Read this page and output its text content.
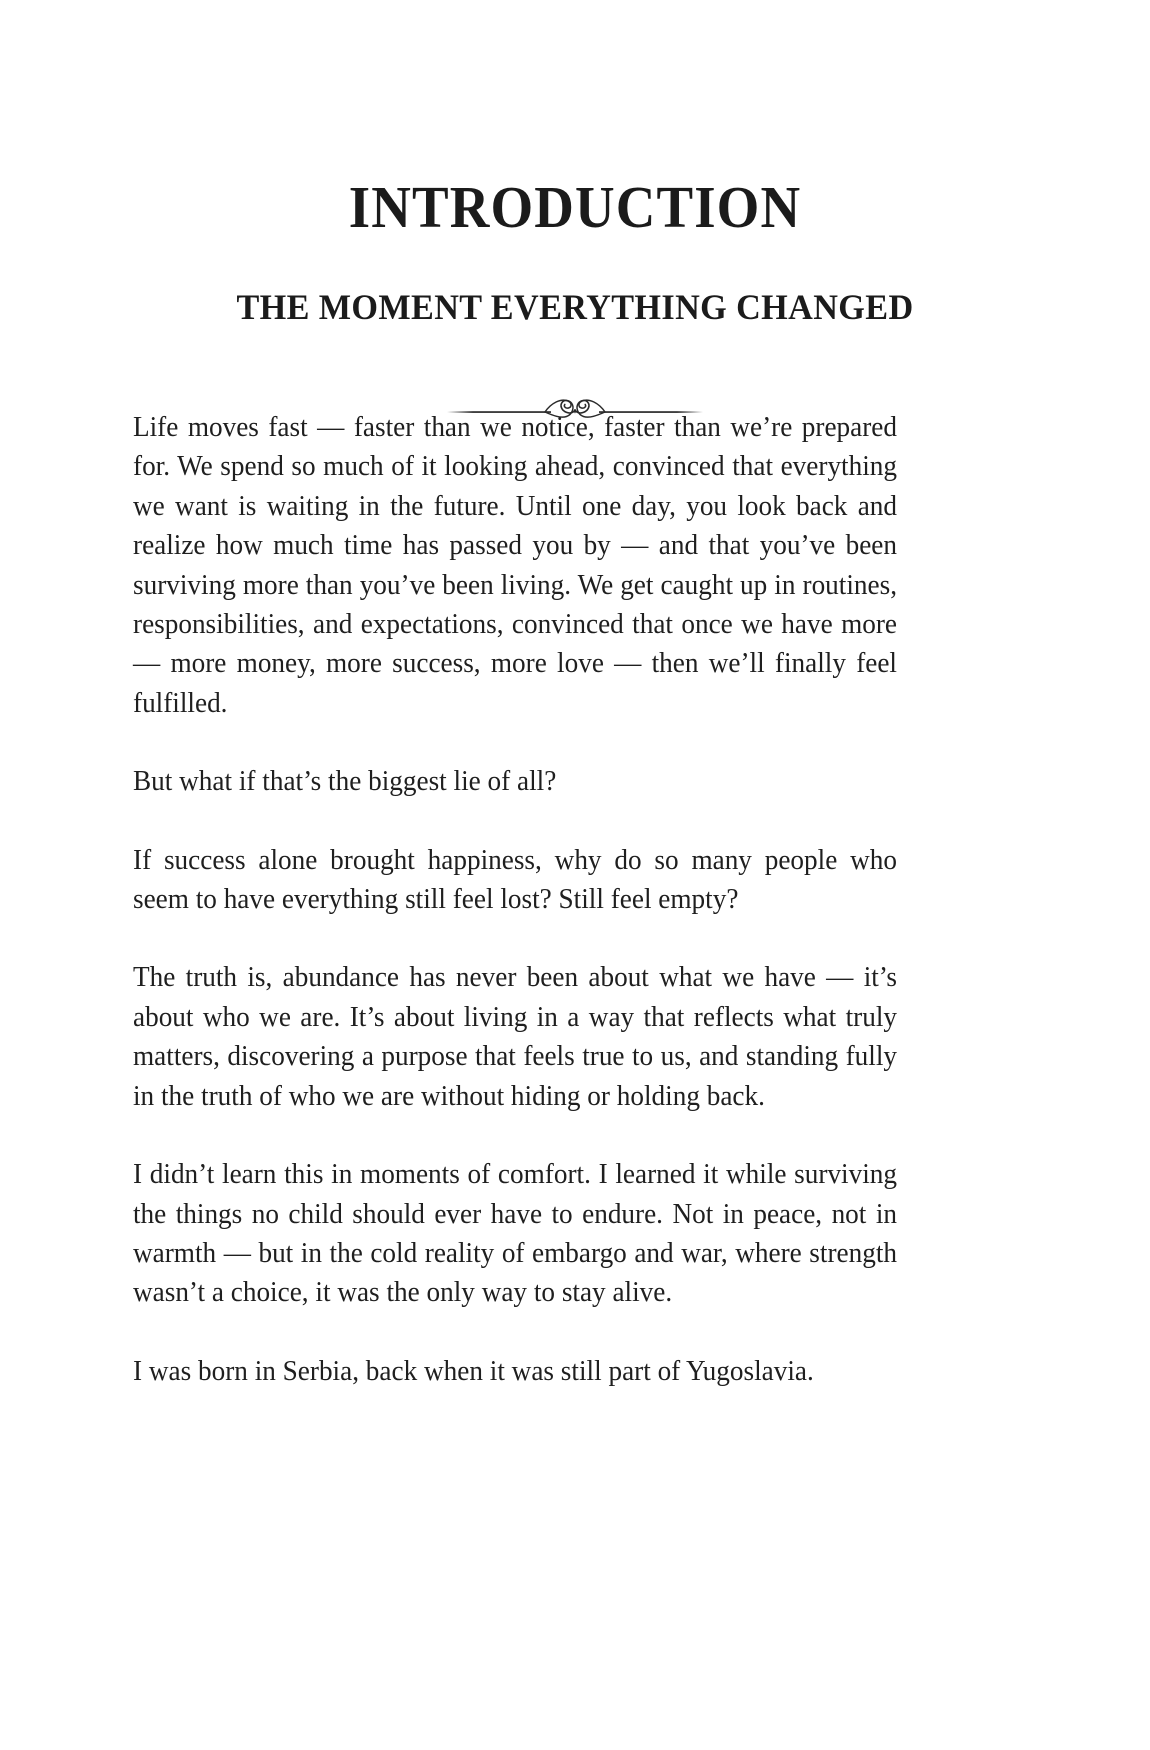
INTRODUCTION
THE MOMENT EVERYTHING CHANGED

Life moves fast — faster than we notice, faster than we’re prepared for. We spend so much of it looking ahead, convinced that everything we want is waiting in the future. Until one day, you look back and realize how much time has passed you by — and that you’ve been surviving more than you’ve been living. We get caught up in routines, responsibilities, and expectations, convinced that once we have more — more money, more success, more love — then we’ll finally feel fulfilled.

But what if that’s the biggest lie of all?

If success alone brought happiness, why do so many people who seem to have everything still feel lost? Still feel empty?

The truth is, abundance has never been about what we have — it’s about who we are. It’s about living in a way that reflects what truly matters, discovering a purpose that feels true to us, and standing fully in the truth of who we are without hiding or holding back.

I didn’t learn this in moments of comfort. I learned it while surviving the things no child should ever have to endure. Not in peace, not in warmth — but in the cold reality of embargo and war, where strength wasn’t a choice, it was the only way to stay alive.

I was born in Serbia, back when it was still part of Yugoslavia.
